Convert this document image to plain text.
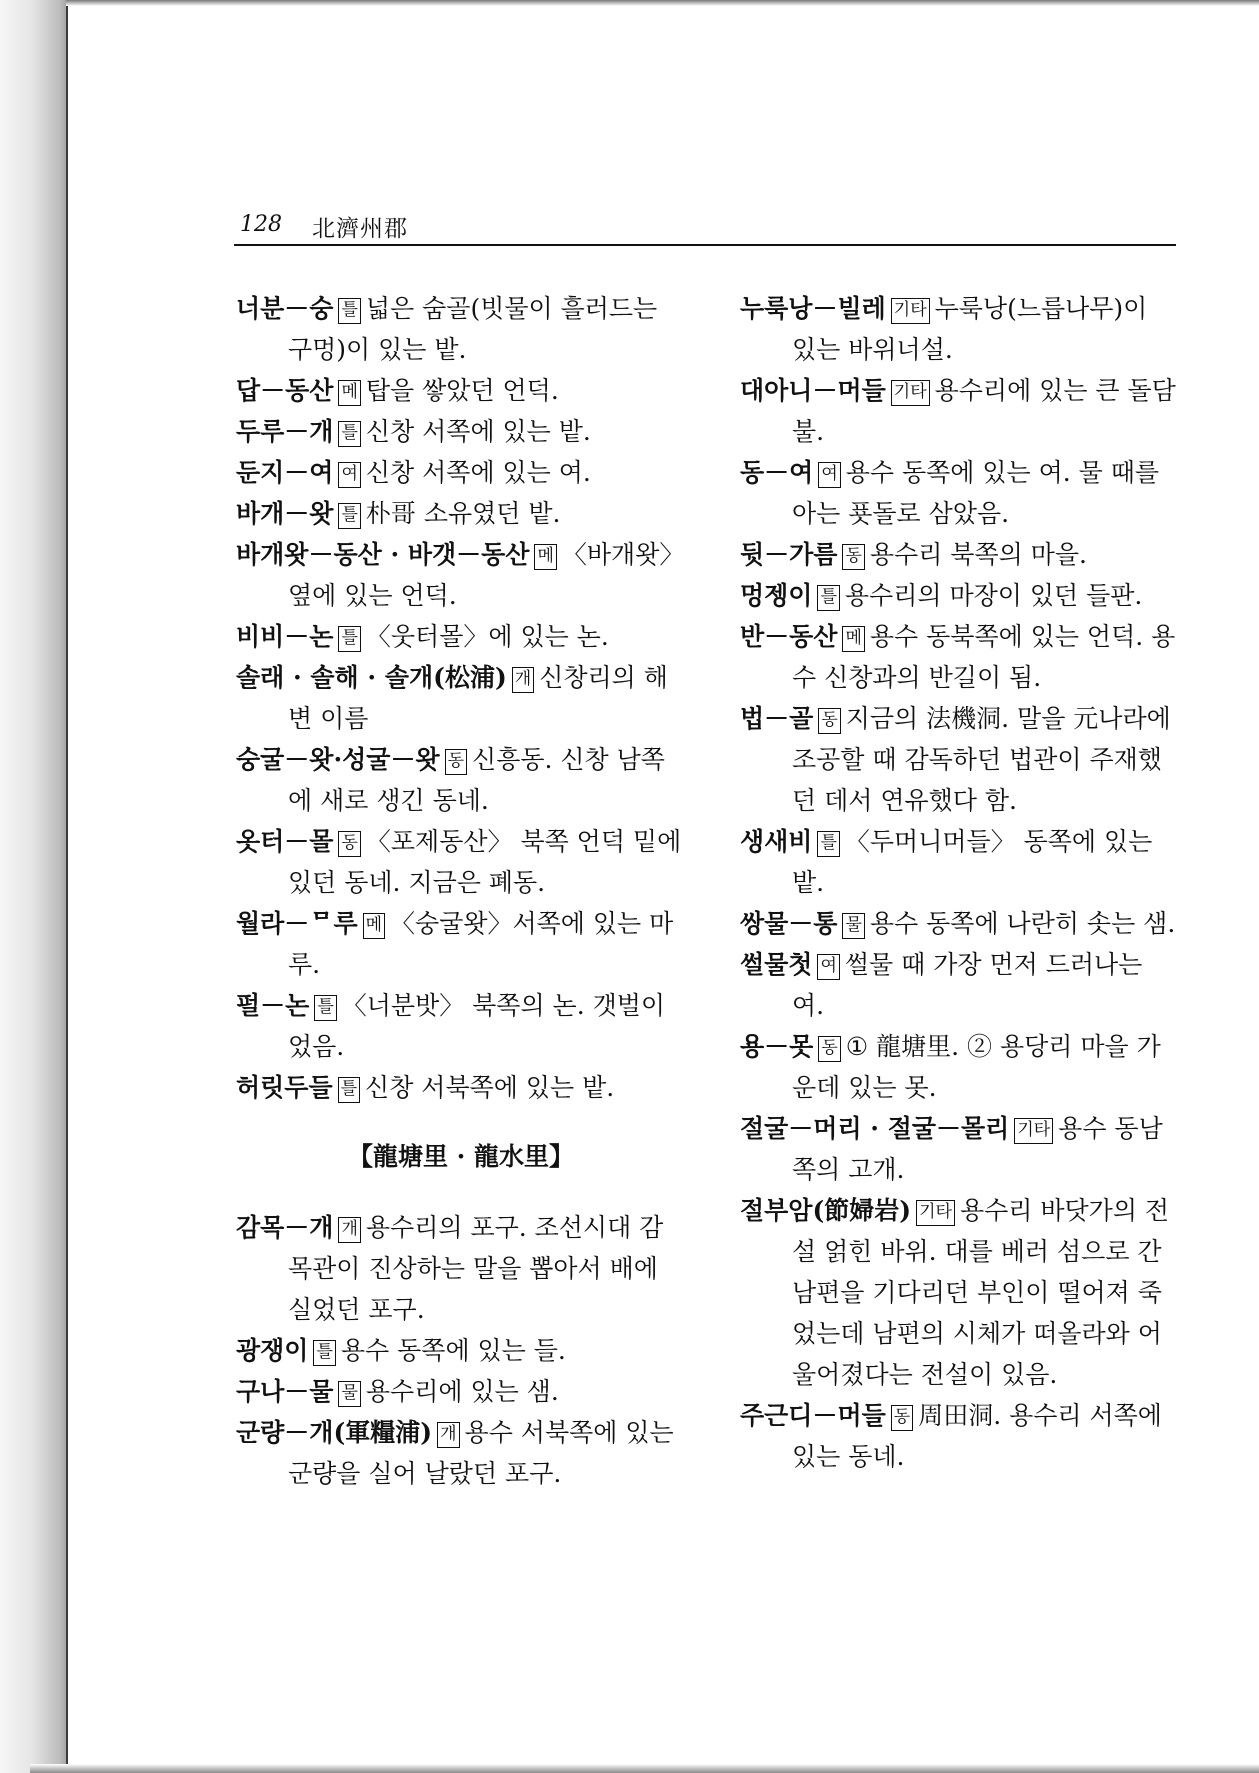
128 北濟州郡

너분－숭 틀 넓은 숨골(빗물이 흘러드는 구멍)이 있는 밭.

답－동산 메 탑을 쌓았던 언덕.

두루－개 틀 신창 서쪽에 있는 밭.

둔지－여 여 신창 서쪽에 있는 여.

바개－왓 틀 朴哥 소유였던 밭.

바개왓－동산 · 바갯－동산 메 〈바개왓〉 옆에 있는 언덕.

비비－논 틀 〈웃터몰〉에 있는 논.

솔래 · 솔해 · 솔개(松浦) 개 신창리의 해변 이름

숭굴－왓·성굴－왓 동 신흥동. 신창 남쪽에 새로 생긴 동네.

옷터－몰 동 〈포제동산〉 북쪽 언덕 밑에 있던 동네. 지금은 폐동.

월라－ᄆ루 메 〈숭굴왓〉서쪽에 있는 마루.

펄－논 틀 〈너분밧〉 북쪽의 논. 갯벌이었음.

허릿두들 틀 신창 서북쪽에 있는 밭.

【龍塘里 · 龍水里】

감목－개 개 용수리의 포구. 조선시대 감목관이 진상하는 말을 뽑아서 배에 실었던 포구.

광쟁이 틀 용수 동쪽에 있는 들.

구나－물 물 용수리에 있는 샘.

군량－개(軍糧浦) 개 용수 서북쪽에 있는 군량을 실어 날랐던 포구.

누룩낭－빌레 기타 누룩낭(느릅나무)이 있는 바위너설.

대아니－머들 기타 용수리에 있는 큰 돌담불.

동－여 여 용수 동쪽에 있는 여. 물 때를 아는 푯돌로 삼았음.

뒷－가름 동 용수리 북쪽의 마을.

멍젱이 틀 용수리의 마장이 있던 들판.

반－동산 메 용수 동북쪽에 있는 언덕. 용수 신창과의 반길이 됨.

법－골 동 지금의 法機洞. 말을 元나라에 조공할 때 감독하던 법관이 주재했던 데서 연유했다 함.

생새비 틀 〈두머니머들〉 동쪽에 있는 밭.

쌍물－통 물 용수 동쪽에 나란히 솟는 샘.

썰물첫 여 썰물 때 가장 먼저 드러나는 여.

용－못 동 ① 龍塘里. ② 용당리 마을 가운데 있는 못.

절굴－머리 · 절굴－몰리 기타 용수 동남쪽의 고개.

절부암(節婦岩) 기타 용수리 바닷가의 전설 얽힌 바위. 대를 베러 섬으로 간 남편을 기다리던 부인이 떨어져 죽었는데 남편의 시체가 떠올라와 어울어졌다는 전설이 있음.

주근디－머들 동 周田洞. 용수리 서쪽에 있는 동네.
